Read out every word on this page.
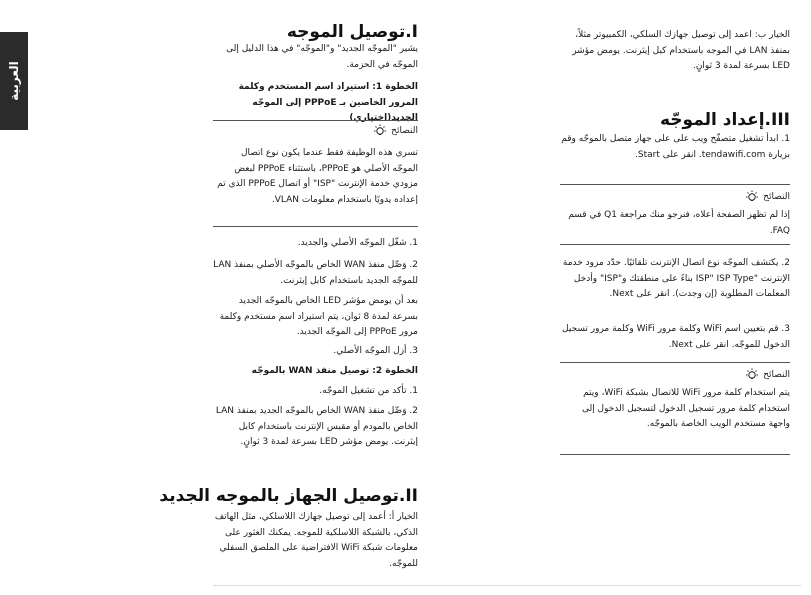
العربية
I.توصيل الموجه

يشير "الموجّه الجديد" و"الموجّه" في هذا الدليل إلى الموجّه في الحزمة.

الخطوة 1: استيراد اسم المستخدم وكلمة المرور الخاصين بـ PPPoE إلى الموجّه الجديد(اختياري)

النصائح

تسري هذه الوظيفة فقط عندما يكون نوع اتصال الموجّه الأصلي هو PPPoE، باستثناء PPPoE لبعض مزودي خدمة الإنترنت "ISP" أو اتصال PPPoE الذي تم إعداده يدويًا باستخدام معلومات VLAN.

1. شغّل الموجّه الأصلي والجديد.

2. وَصِّل منفذ WAN الخاص بالموجّه الأصلي بمنفذ LAN للموجّه الجديد باستخدام كابل إيثرنت.

بعد أن يومض مؤشر LED الخاص بالموجّه الجديد بسرعة لمدة 8 ثوان، يتم استيراد اسم مستخدم وكلمة مرور PPPoE إلى الموجّه الجديد.

3. أزل الموجّه الأصلي.

الخطوة 2: توصيل منفذ WAN بالموجّه

1. تأكد من تشغيل الموجّه.

2. وَصِّل منفذ WAN الخاص بالموجّه الجديد بمنفذ LAN الخاص بالمودم أو مقبس الإنترنت باستخدام كابل إيثرنت. يومض مؤشر LED بسرعة لمدة 3 ثوانٍ.

II.توصيل الجهاز بالموجه الجديد

الخيار أ: أعمد إلى توصيل جهازك اللاسلكي، مثل الهاتف الذكي، بالشبكة اللاسلكية للموجه. يمكنك العثور على معلومات شبكة WiFi الافتراضية على الملصق السفلي للموجّه.

الخيار ب: اعمد إلى توصيل جهازك السلكي، الكمبيوتر مثلاً، بمنفذ LAN في الموجه باستخدام كبل إيثرنت. يومض مؤشر LED بسرعة لمدة 3 ثوانٍ.

III.إعداد الموجّه

1. ابدأ تشغيل متصفّح ويب على على جهاز متصل بالموجّه وقم بزيارة tendawifi.com. انقر على Start.

النصائح

إذا لم تظهر الصفحة أعلاه، فنرجو منك مراجعة Q1 في قسم FAQ.

2. يكتشف الموجّه نوع اتصال الإنترنت تلقائيًا. حدّد مزود خدمة الإنترنت "ISP" ISP Type بناءً على منطقتك و"ISP" وأدخل المعلمات المطلوبة (إن وجدت). انقر على Next.

3. قم بتعيين اسم WiFi وكلمة مرور WiFi وكلمة مرور تسجيل الدخول للموجّه. انقر على Next.

النصائح

يتم استخدام كلمة مرور WiFi للاتصال بشبكة WiFi، ويتم استخدام كلمة مرور تسجيل الدخول لتسجيل الدخول إلى واجهة مستخدم الويب الخاصة بالموجّه.
